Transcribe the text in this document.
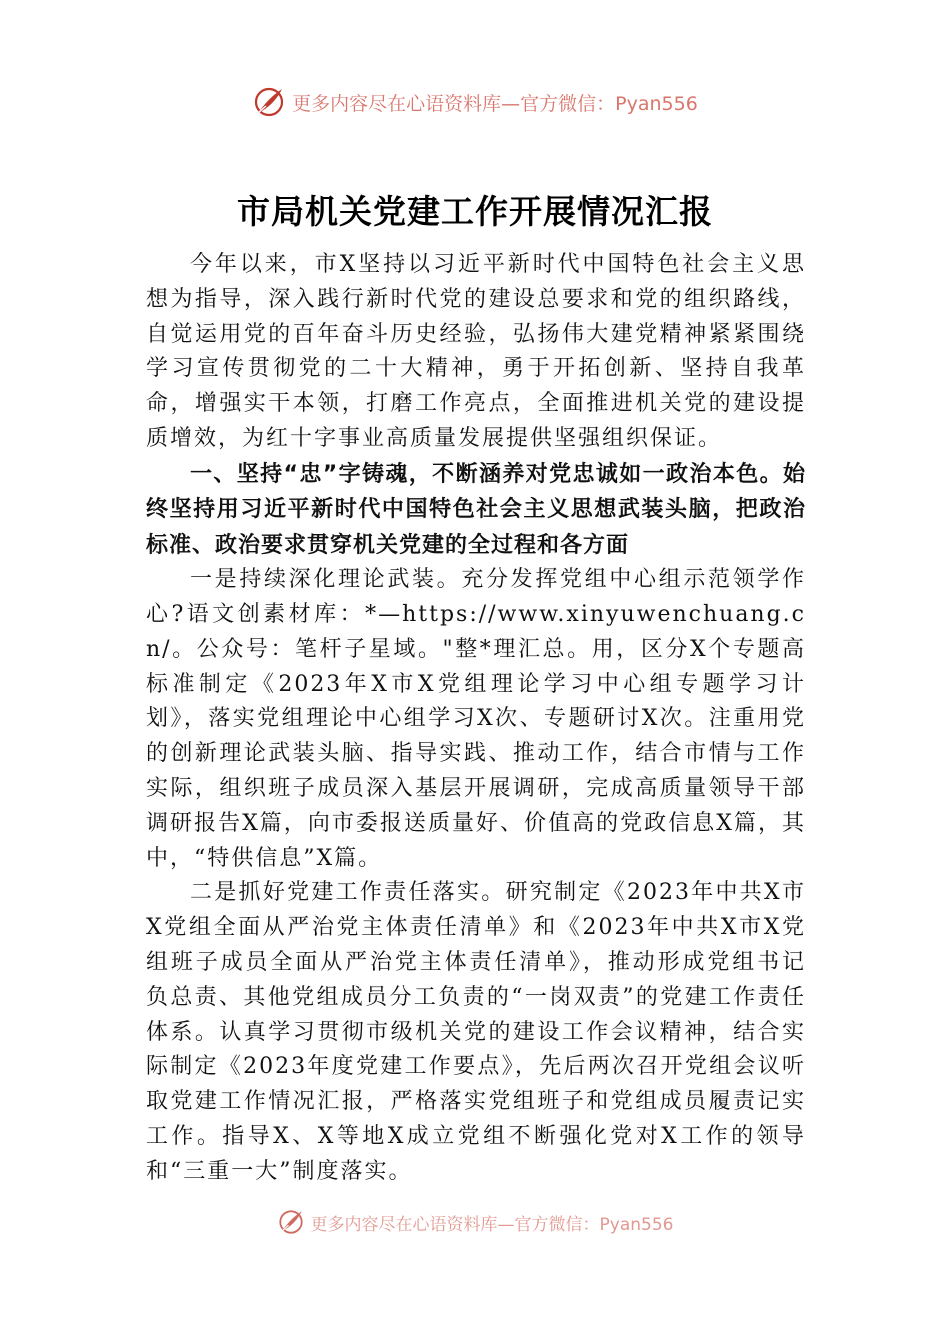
更多内容尽在心语资料库—官方微信：Pyan556
市局机关党建工作开展情况汇报

今年以来，市X坚持以习近平新时代中国特色社会主义思想为指导，深入践行新时代党的建设总要求和党的组织路线，自觉运用党的百年奋斗历史经验，弘扬伟大建党精神紧紧围绕学习宣传贯彻党的二十大精神，勇于开拓创新、坚持自我革命，增强实干本领，打磨工作亮点，全面推进机关党的建设提质增效，为红十字事业高质量发展提供坚强组织保证。

一、坚持“忠”字铸魂，不断涵养对党忠诚如一政治本色。始终坚持用习近平新时代中国特色社会主义思想武装头脑，把政治标准、政治要求贯穿机关党建的全过程和各方面

一是持续深化理论武装。充分发挥党组中心组示范领学作心?语文创素材库：*—https://www.xinyuwenchuang.cn/。公众号：笔杆子星域。"整*理汇总。用，区分X个专题高标准制定《2023年X市X党组理论学习中心组专题学习计划》，落实党组理论中心组学习X次、专题研讨X次。注重用党的创新理论武装头脑、指导实践、推动工作，结合市情与工作实际，组织班子成员深入基层开展调研，完成高质量领导干部调研报告X篇，向市委报送质量好、价值高的党政信息X篇，其中，“特供信息”X篇。

二是抓好党建工作责任落实。研究制定《2023年中共X市X党组全面从严治党主体责任清单》和《2023年中共X市X党组班子成员全面从严治党主体责任清单》，推动形成党组书记负总责、其他党组成员分工负责的“一岗双责”的党建工作责任体系。认真学习贯彻市级机关党的建设工作会议精神，结合实际制定《2023年度党建工作要点》，先后两次召开党组会议听取党建工作情况汇报，严格落实党组班子和党组成员履责记实工作。指导X、X等地X成立党组不断强化党对X工作的领导和“三重一大”制度落实。

更多内容尽在心语资料库—官方微信：Pyan556
